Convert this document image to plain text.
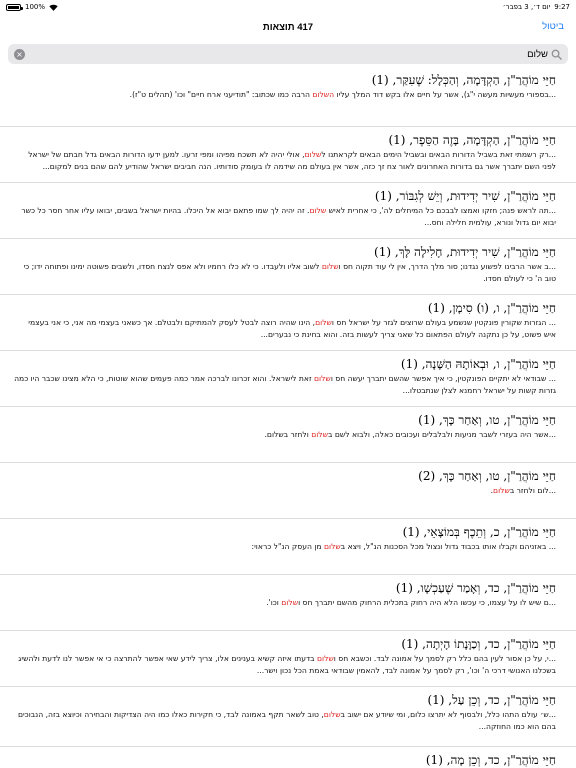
100%	יום ד׳, 3 בפבר׳ 9:27
417 תוצאות	ביטול
שלום
×
חַיֵּי מוֹהֲרַ"ן, הַקְדָּמָה, וְהַכְּלָל: שֶׁעִקַּר, (1)
...בספורי מעשיות מעשה י"ג), אשר על חיים אלו בקש דוד המלך עליו השלום הרבה כמו שכתוב: "תודיעני ארח חיים" וכו' (תהלים ט"ז).
חַיֵּי מוֹהֲרַ"ן, הַקְדָּמָה, בָּזֶה הַסֵּפֶר, (1)
...רק רשמתי זאת בשביל הדורות הבאים ובשביל הימים הבאים לקראתנו לשלום, אולי יהיה לא תשכח מפיהו ומפי זרעו. למען ידעו הדורות הבאים גדל חבתם של ישראל לפני השם יתברך אשר גם בדורות האחרונים לאור צח זך כזה, אשר אין בעולם מה שידמה לו בעומק סודותיו. הנה חביבים ישראל שהודיע להם שהם בנים למקום...
חַיֵּי מוֹהֲרַ"ן, שִׁיר יְדִידוּת, וְיֵשׁ לְגִבּוֹר, (1)
...תה לראש פנה; חזקו ואמצו לבבכם כל המיחלים לה', כי אחרית לאיש שלום. זה יהיה לך שמו פתאם יבוא אל היכלו. בהיות ישראל בשבים, יבואו עליו אחר חסר כל כשר יבוא יום גדול ונורא, עולמית חלילה וחס...
חַיֵּי מוֹהֲרַ"ן, שִׁיר יְדִידוּת, חָלִילָה לָּךְ, (1)
...ב אשר הרבינו לפשוע נגדנו; סור מלך הדרך, אין לי עוד תקוה חס ושלום לשוב אליו ולעבדו. כי לא כלו רחמיו ולא אפס לנצח חסדו, ולשבים פשוטה ימינו ופתוחה ידו; כי טוב ה' כי לעולם חסדו.
חַיֵּי מוֹהֲרַ"ן, ו, (ו) סִימָן, (1)
... הגזרות שקורין פונקטין שנשמע בעולם שרוצים לגזר על ישראל חס ושלום, הינו שהיה רוצה לבטל לעסק להמתיקם ולבטלם. אך כשאני בעצמי מה אני, כי אני בעצמי איש פשוט, על כן נתקנה לעולם הפתאום כל שאני צריך לעשות בזה. והוא בחינת כי נבערים...
חַיֵּי מוֹהֲרַ"ן, ו, וּבְאוֹתָהּ הַשָּׁנָה, (1)
... שבודאי לא יתקיים הפונקטין, כי איך אפשר שהשם יתברך יעשה חס ושלום זאת לישראל. והוא זכרונו לברכה אמר כמה פעמים שהוא שוטות, כי הלא מצינו שכבר היו כמה גזרות קשות על ישראל רחמנא לצלן שנתבטלו...
חַיֵּי מוֹהֲרַ"ן, טו, וְאַחַר כָּךְ, (1)
...אשר היה בעזרי לשבר מניעות ולבלבלים ועכובים כאלה, ולבוא לשם בשלום ולחזר בשלום.
חַיֵּי מוֹהֲרַ"ן, טו, וְאַחַר כָּךְ, (2)
...לום ולחזר בשלום.
חַיֵּי מוֹהֲרַ"ן, כ, וְתֵכֶף בְּמוֹצָאֵי, (1)
... באזניהם וקבלו אותו בכבוד גדול ונצול מכל הסכנות הנ"ל, ויצא בשלום מן העסק הנ"ל כראוי:
חַיֵּי מוֹהֲרַ"ן, כד, וְאָמַר שֶׁעַכְשָׁו, (1)
...ם שיש לו על עצמו, כי עכשו הלא היה רחוק בתכלית הרחוק מהשם יתברך חס ושלום וכו'.
חַיֵּי מוֹהֲרַ"ן, כד, וְכַוָּנָתוֹ הָיְתָה, (1)
...י, על כן אסור לעין בהם כלל רק לסמך על אמונה לבד. וכשבא חס ושלום בדעתו איזה קשיא בענינים אלו, צריך לידע שאי אפשר להתרצה כי אי אפשר לנו לדעת ולהשיג בשכלנו האנושי דרכי ה' וכו', רק לסמך על אמונה לבד, להאמין שבודאי באמת הכל נכון וישר...
חַיֵּי מוֹהֲרַ"ן, כד, וְכֵן עַל, (1)
...ש׳ עולם התהו כלל, ולבסוף לא יתרצו כלום, ומי שיודע אם ישוב בשלום, טוב לשאר תקף באמונה לבד, כי חקירות כאלו כמו היה הצדיקות והבחירה וכיוצא בזה, הנבוכים בהם הוא כמו החוזקה...
חַיֵּי מוֹהֲרַ"ן, כד, וְכֵן מָה, (1)
